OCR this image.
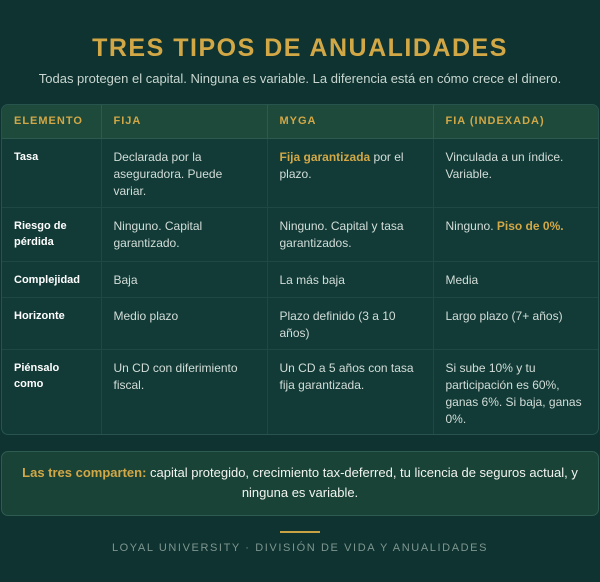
TRES TIPOS DE ANUALIDADES
Todas protegen el capital. Ninguna es variable. La diferencia está en cómo crece el dinero.
ELEMENTO	FIJA	MYGA	FIA (INDEXADA)
Tasa	Declarada por la aseguradora. Puede variar.	Fija garantizada por el plazo.	Vinculada a un índice. Variable.
Riesgo de pérdida	Ninguno. Capital garantizado.	Ninguno. Capital y tasa garantizados.	Ninguno. Piso de 0%.
Complejidad	Baja	La más baja	Media
Horizonte	Medio plazo	Plazo definido (3 a 10 años)	Largo plazo (7+ años)
Piénsalo como	Un CD con diferimiento fiscal.	Un CD a 5 años con tasa fija garantizada.	Si sube 10% y tu participación es 60%, ganas 6%. Si baja, ganas 0%.
Las tres comparten: capital protegido, crecimiento tax-deferred, tu licencia de seguros actual, y ninguna es variable.
LOYAL UNIVERSITY · DIVISIÓN DE VIDA Y ANUALIDADES
